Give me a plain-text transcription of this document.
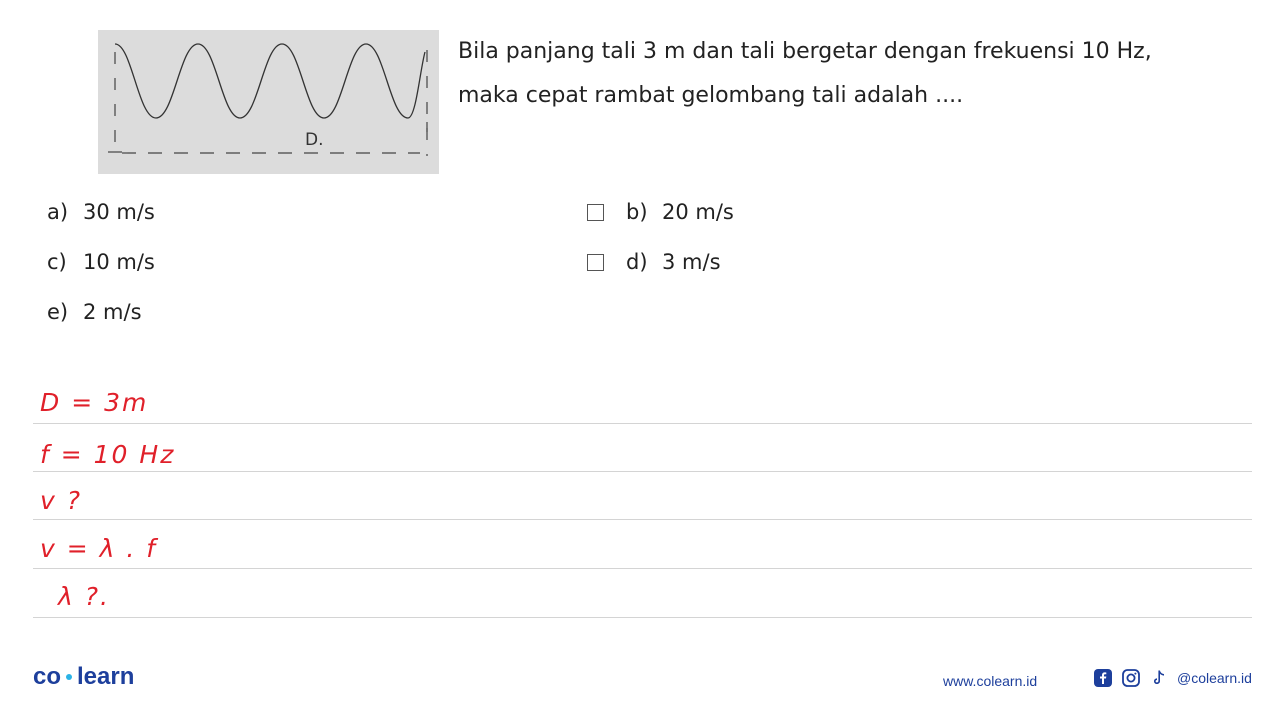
D.
Bila panjang tali 3 m dan tali bergetar dengan frekuensi 10 Hz, maka cepat rambat gelombang tali adalah ....
a) 30 m/s	b) 20 m/s
c) 10 m/s	d) 3 m/s
e) 2 m/s
D = 3m
f = 10 Hz
v ?
v = λ . f
λ ?.
co learn	www.colearn.id	@colearn.id
